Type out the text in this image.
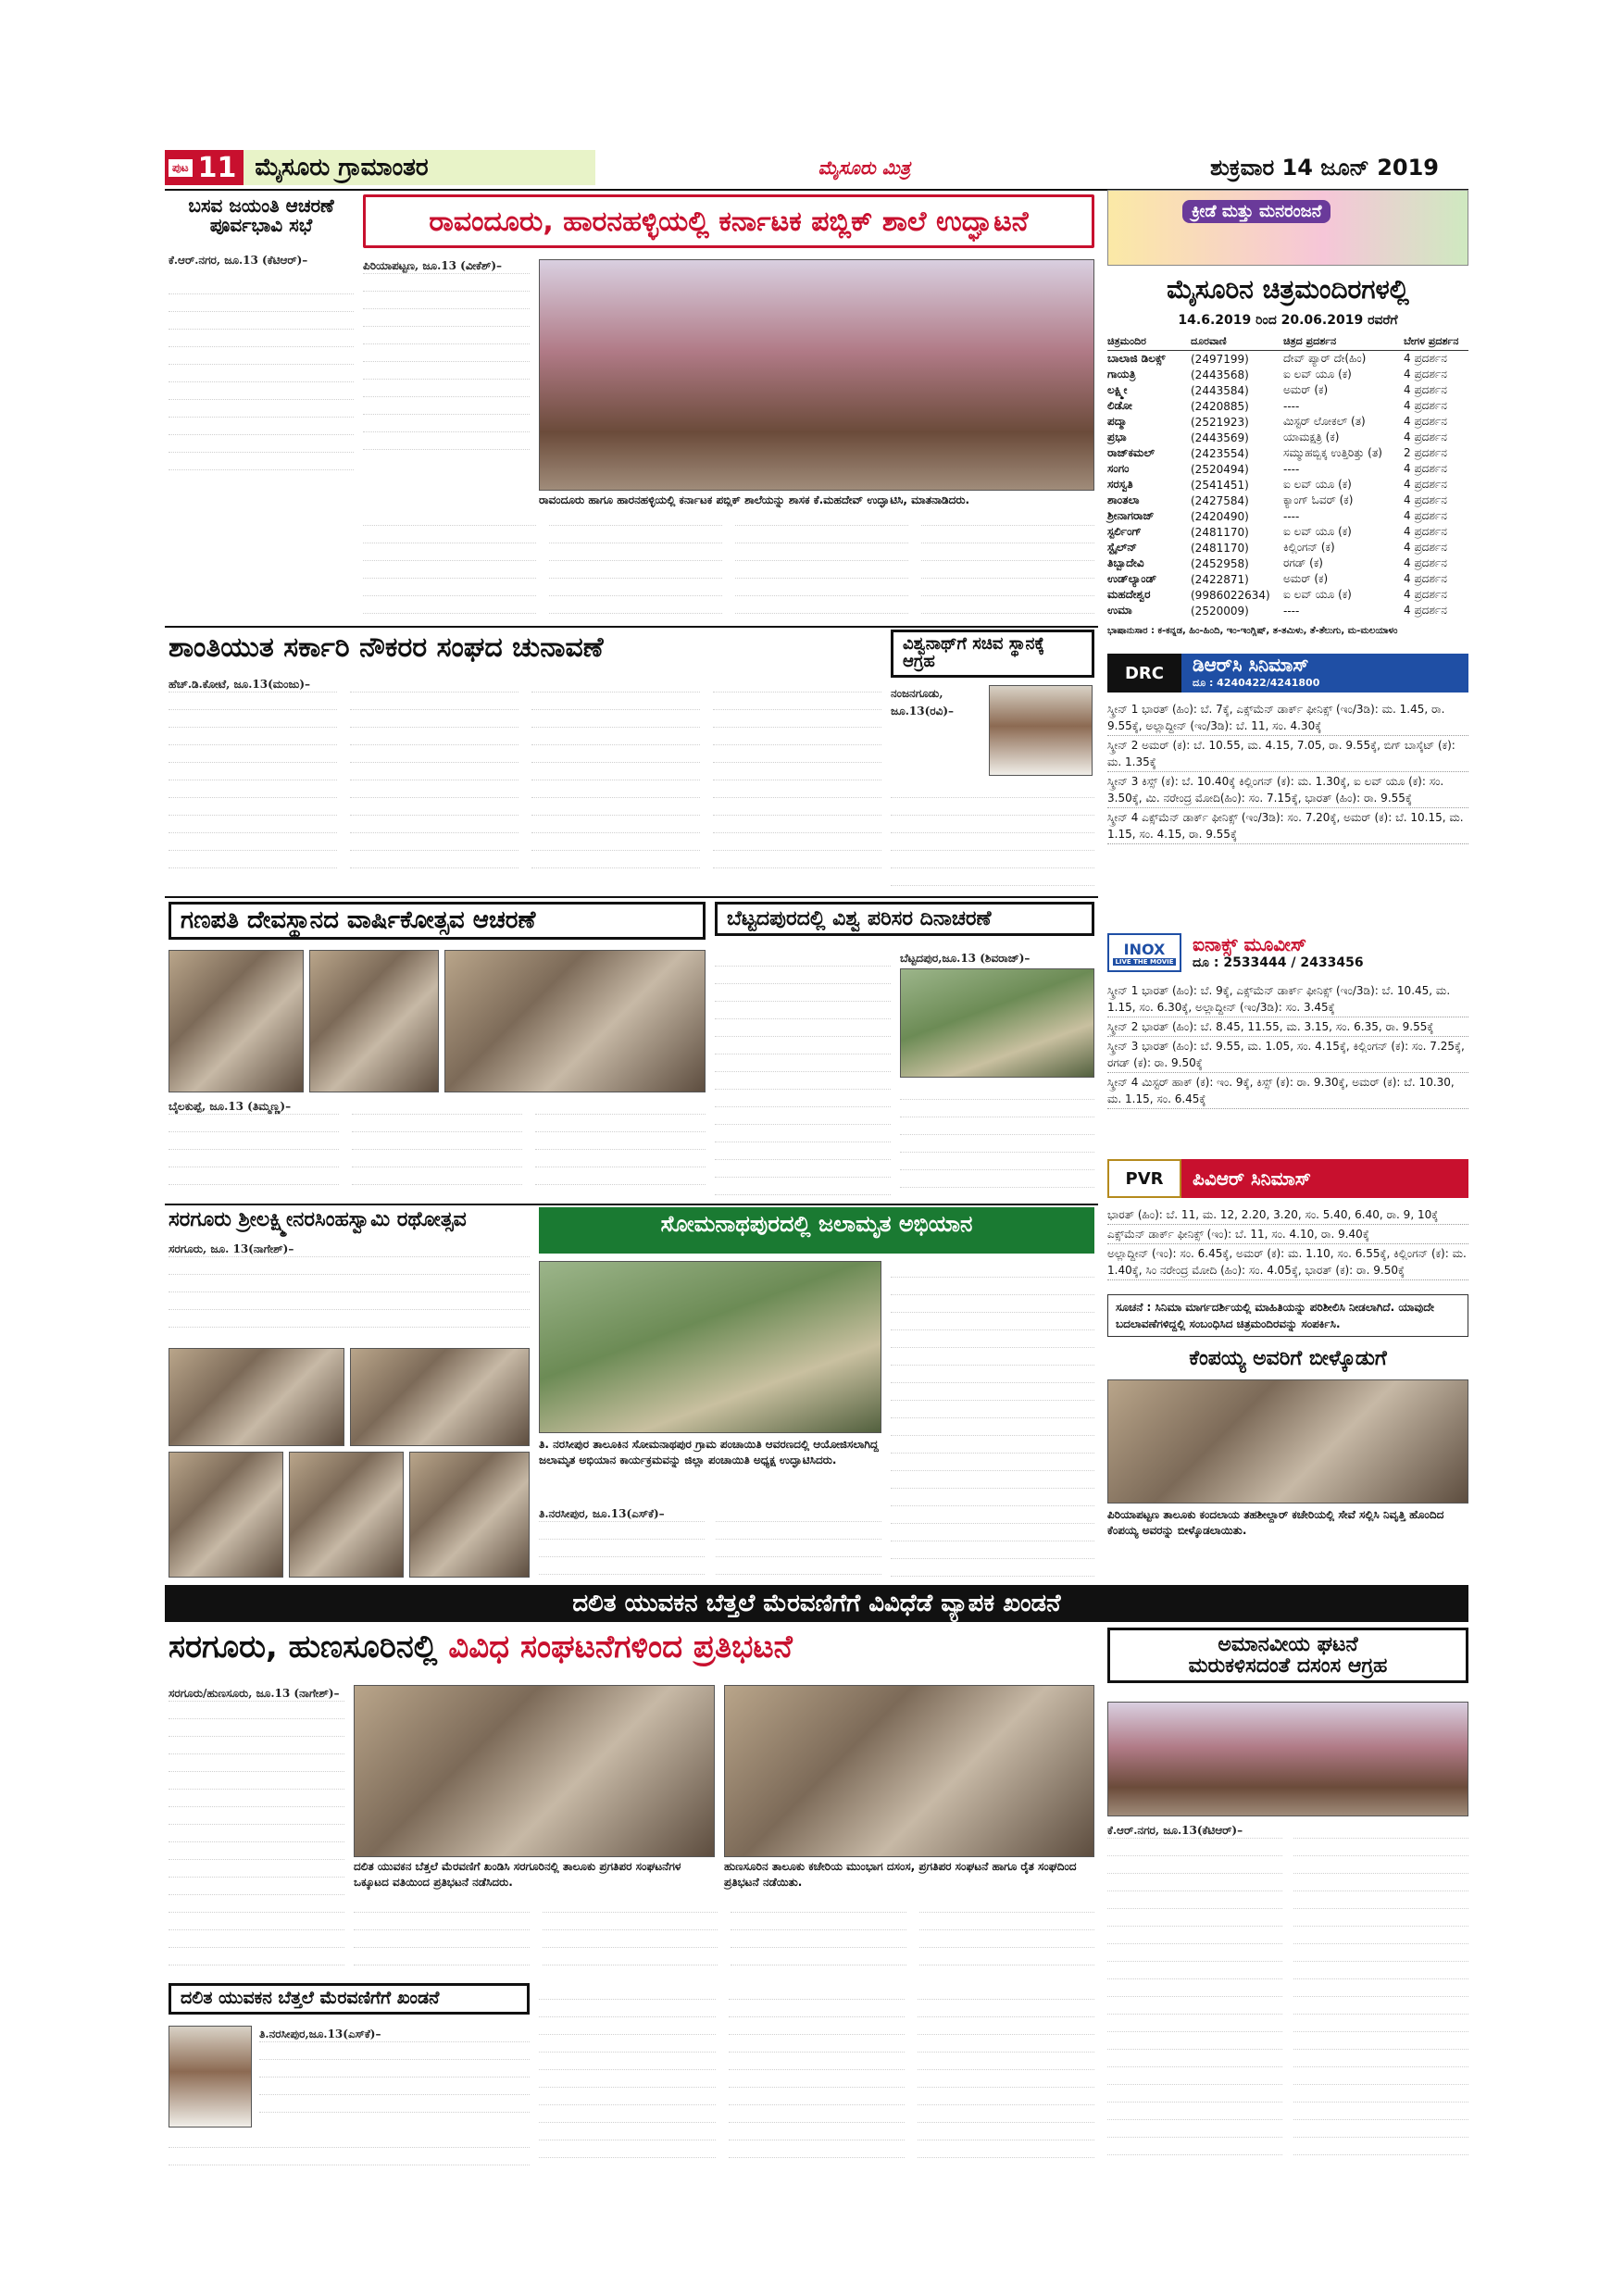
ಪುಟ 11 ಮೈಸೂರು ಗ್ರಾಮಾಂತರ	ಮೈಸೂರು ಮಿತ್ರ	ಶುಕ್ರವಾರ 14 ಜೂನ್ 2019
ಬಸವ ಜಯಂತಿ ಆಚರಣೆ ಪೂರ್ವಭಾವಿ ಸಭೆ
ಕೆ.ಆರ್.ನಗರ, ಜೂ.13 (ಕೆಟಿಆರ್)–
ರಾವಂದೂರು, ಹಾರನಹಳ್ಳಿಯಲ್ಲಿ ಕರ್ನಾಟಕ ಪಬ್ಲಿಕ್ ಶಾಲೆ ಉದ್ಘಾಟನೆ
ಪಿರಿಯಾಪಟ್ಟಣ, ಜೂ.13 (ವೀಕೆಶ್)–
ರಾವಂದೂರು ಹಾಗೂ ಹಾರನಹಳ್ಳಿಯಲ್ಲಿ ಕರ್ನಾಟಕ ಪಬ್ಲಿಕ್ ಶಾಲೆಯನ್ನು ಶಾಸಕ ಕೆ.ಮಹದೇವ್ ಉದ್ಘಾಟಿಸಿ, ಮಾತನಾಡಿದರು.
ಶಾಂತಿಯುತ ಸರ್ಕಾರಿ ನೌಕರರ ಸಂಘದ ಚುನಾವಣೆ
ಹೆಚ್.ಡಿ.ಕೋಟೆ, ಜೂ.13(ಮಂಜು)–
ವಿಶ್ವನಾಥ್‌ಗೆ ಸಚಿವ ಸ್ಥಾನಕ್ಕೆ ಆಗ್ರಹ
ನಂಜನಗೂಡು, ಜೂ.13(ರವಿ)–
ಗಣಪತಿ ದೇವಸ್ಥಾನದ ವಾರ್ಷಿಕೋತ್ಸವ ಆಚರಣೆ
ಬೈಲಕುಪ್ಪೆ, ಜೂ.13 (ತಿಮ್ಮಣ್ಣ)–
ಬೆಟ್ಟದಪುರದಲ್ಲಿ ವಿಶ್ವ ಪರಿಸರ ದಿನಾಚರಣೆ
ಬೆಟ್ಟದಪುರ,ಜೂ.13 (ಶಿವರಾಜ್)–
ಸರಗೂರು ಶ್ರೀಲಕ್ಷ್ಮೀನರಸಿಂಹಸ್ವಾಮಿ ರಥೋತ್ಸವ
ಸರಗೂರು, ಜೂ. 13(ನಾಗೇಶ್)–
ಸೋಮನಾಥಪುರದಲ್ಲಿ ಜಲಾಮೃತ ಅಭಿಯಾನ
ತಿ. ನರಸೀಪುರ ತಾಲೂಕಿನ ಸೋಮನಾಥಪುರ ಗ್ರಾಮ ಪಂಚಾಯಿತಿ ಆವರಣದಲ್ಲಿ ಆಯೋಜಿಸಲಾಗಿದ್ದ ಜಲಾಮೃತ ಅಭಿಯಾನ ಕಾರ್ಯಕ್ರಮವನ್ನು ಜಿಲ್ಲಾ ಪಂಚಾಯಿತಿ ಅಧ್ಯಕ್ಷ ಉದ್ಘಾಟಿಸಿದರು.
ತಿ.ನರಸೀಪುರ, ಜೂ.13(ಎಸ್‌ಕೆ)–
ಕ್ರೀಡೆ ಮತ್ತು ಮನರಂಜನೆ
ಮೈಸೂರಿನ ಚಿತ್ರಮಂದಿರಗಳಲ್ಲಿ
14.6.2019 ರಿಂದ 20.06.2019 ರವರೆಗೆ
ಚಿತ್ರಮಂದಿರ	ದೂರವಾಣಿ	ಚಿತ್ರದ ಪ್ರದರ್ಶನ	ಬೇಗಳ ಪ್ರದರ್ಶನ
ಬಾಲಾಜಿ ಡಿಲಕ್ಸ್	(2497199)	ದೇವ್ ಪ್ಯಾರ್ ದೇ(ಹಿಂ)	4 ಪ್ರದರ್ಶನ
ಗಾಯತ್ರಿ	(2443568)	ಐ ಲವ್ ಯೂ (ಕ)	4 ಪ್ರದರ್ಶನ
ಲಕ್ಷ್ಮೀ	(2443584)	ಅಮರ್ (ಕ)	4 ಪ್ರದರ್ಶನ
ಲಿಡೋ	(2420885)	----	4 ಪ್ರದರ್ಶನ
ಪದ್ಮಾ	(2521923)	ಮಿಸ್ಟರ್ ಲೋಕಲ್ (ತ)	4 ಪ್ರದರ್ಶನ
ಪ್ರಭಾ	(2443569)	ಯಾಮಕ್ಷತ್ರಿ (ಕ)	4 ಪ್ರದರ್ಶನ
ರಾಜ್‌ಕಮಲ್	(2423554)	ಸಮ್ಮುಹಬ್ಬಿಕ್ಕ ಉತ್ತಿರಿತ್ತು (ತ)	2 ಪ್ರದರ್ಶನ
ಸಂಗಂ	(2520494)	----	4 ಪ್ರದರ್ಶನ
ಸರಸ್ವತಿ	(2541451)	ಐ ಲವ್ ಯೂ (ಕ)	4 ಪ್ರದರ್ಶನ
ಶಾಂತಲಾ	(2427584)	ಕ್ಯಾಂಗ್ ಓವರ್ (ಕ)	4 ಪ್ರದರ್ಶನ
ಶ್ರೀನಾಗರಾಜ್	(2420490)	----	4 ಪ್ರದರ್ಶನ
ಸ್ಟರ್ಲಿಂಗ್	(2481170)	ಐ ಲವ್ ಯೂ (ಕ)	4 ಪ್ರದರ್ಶನ
ಸ್ಟೈಲ್‌ನ್	(2481170)	ಕಿಲ್ಲಿಂಗನ್ (ಕ)	4 ಪ್ರದರ್ಶನ
ತಿಬ್ಬಾದೇವಿ	(2452958)	ರಗಡ್ (ಕ)	4 ಪ್ರದರ್ಶನ
ಉಡ್‌ಲ್ಯಾಂಡ್	(2422871)	ಅಮರ್ (ಕ)	4 ಪ್ರದರ್ಶನ
ಮಹದೇಶ್ವರ	(9986022634)	ಐ ಲವ್ ಯೂ (ಕ)	4 ಪ್ರದರ್ಶನ
ಉಮಾ	(2520009)	----	4 ಪ್ರದರ್ಶನ
ಭಾಷಾನುಸಾರ : ಕ-ಕನ್ನಡ, ಹಿಂ-ಹಿಂದಿ, ಇಂ-ಇಂಗ್ಲಿಷ್, ತ-ತಮಿಳು, ತೆ-ತೆಲುಗು, ಮ-ಮಲಯಾಳಂ
DRC	ಡಿಆರ್‌ಸಿ ಸಿನಿಮಾಸ್
ದೂ : 4240422/4241800
ಸ್ಕ್ರೀನ್ 1 ಭಾರತ್ (ಹಿಂ): ಬೆ. 7ಕ್ಕೆ, ಎಕ್ಸ್‌ಮೆನ್ ಡಾರ್ಕ್ ಫೀನಿಕ್ಸ್ (ಇಂ/3ಡಿ): ಮ. 1.45, ರಾ. 9.55ಕ್ಕೆ, ಅಲ್ಲಾದ್ದೀನ್ (ಇಂ/3ಡಿ): ಬೆ. 11, ಸಂ. 4.30ಕ್ಕೆ
ಸ್ಕ್ರೀನ್ 2 ಅಮರ್ (ಕ): ಬೆ. 10.55, ಮ. 4.15, 7.05, ರಾ. 9.55ಕ್ಕೆ, ಬಿಗ್ ಬಾಸ್ಕೆಟ್ (ಕ): ಮ. 1.35ಕ್ಕೆ
ಸ್ಕ್ರೀನ್ 3 ಕಿಸ್ಸ್ (ಕ): ಬೆ. 10.40ಕ್ಕೆ ಕಿಲ್ಲಿಂಗನ್ (ಕ): ಮ. 1.30ಕ್ಕೆ, ಐ ಲವ್ ಯೂ (ಕ): ಸಂ. 3.50ಕ್ಕೆ, ಮಿ. ನರೇಂದ್ರ ಮೋದಿ(ಹಿಂ): ಸಂ. 7.15ಕ್ಕೆ, ಭಾರತ್ (ಹಿಂ): ರಾ. 9.55ಕ್ಕೆ
ಸ್ಕ್ರೀನ್ 4 ಎಕ್ಸ್‌ಮೆನ್ ಡಾರ್ಕ್ ಫೀನಿಕ್ಸ್ (ಇಂ/3ಡಿ): ಸಂ. 7.20ಕ್ಕೆ, ಅಮರ್ (ಕ): ಬೆ. 10.15, ಮ. 1.15, ಸಂ. 4.15, ರಾ. 9.55ಕ್ಕೆ
INOX
LIVE THE MOVIE
ಐನಾಕ್ಸ್ ಮೂವೀಸ್
ದೂ : 2533444 / 2433456
ಸ್ಕ್ರೀನ್ 1 ಭಾರತ್ (ಹಿಂ): ಬೆ. 9ಕ್ಕೆ, ಎಕ್ಸ್‌ಮೆನ್ ಡಾರ್ಕ್ ಫೀನಿಕ್ಸ್ (ಇಂ/3ಡಿ): ಬೆ. 10.45, ಮ. 1.15, ಸಂ. 6.30ಕ್ಕೆ, ಅಲ್ಲಾದ್ದೀನ್ (ಇಂ/3ಡಿ): ಸಂ. 3.45ಕ್ಕೆ
ಸ್ಕ್ರೀನ್ 2 ಭಾರತ್ (ಹಿಂ): ಬೆ. 8.45, 11.55, ಮ. 3.15, ಸಂ. 6.35, ರಾ. 9.55ಕ್ಕೆ
ಸ್ಕ್ರೀನ್ 3 ಭಾರತ್ (ಹಿಂ): ಬೆ. 9.55, ಮ. 1.05, ಸಂ. 4.15ಕ್ಕೆ, ಕಿಲ್ಲಿಂಗನ್ (ಕ): ಸಂ. 7.25ಕ್ಕೆ, ರಗಡ್ (ಕ): ರಾ. 9.50ಕ್ಕೆ
ಸ್ಕ್ರೀನ್ 4 ಮಿಸ್ಟರ್ ಹಾಕ್ (ಕ): ಇಂ. 9ಕ್ಕೆ, ಕಿಸ್ಸ್ (ಕ): ರಾ. 9.30ಕ್ಕೆ, ಅಮರ್ (ಕ): ಬೆ. 10.30, ಮ. 1.15, ಸಂ. 6.45ಕ್ಕೆ
PVR	ಪಿವಿಆರ್ ಸಿನಿಮಾಸ್
ಭಾರತ್ (ಹಿಂ): ಬೆ. 11, ಮ. 12, 2.20, 3.20, ಸಂ. 5.40, 6.40, ರಾ. 9, 10ಕ್ಕೆ
ಎಕ್ಸ್‌ಮೆನ್ ಡಾರ್ಕ್ ಫೀನಿಕ್ಸ್ (ಇಂ): ಬೆ. 11, ಸಂ. 4.10, ರಾ. 9.40ಕ್ಕೆ
ಅಲ್ಲಾದ್ದೀನ್ (ಇಂ): ಸಂ. 6.45ಕ್ಕೆ, ಅಮರ್ (ಕ): ಮ. 1.10, ಸಂ. 6.55ಕ್ಕೆ, ಕಿಲ್ಲಿಂಗನ್ (ಕ): ಮ. 1.40ಕ್ಕೆ, ಸಿಂ ನರೇಂದ್ರ ಮೋದಿ (ಹಿಂ): ಸಂ. 4.05ಕ್ಕೆ, ಭಾರತ್ (ಕ): ರಾ. 9.50ಕ್ಕೆ
ಸೂಚನೆ : ಸಿನಿಮಾ ಮಾರ್ಗದರ್ಶಿಯಲ್ಲಿ ಮಾಹಿತಿಯನ್ನು ಪರಿಶೀಲಿಸಿ ನೀಡಲಾಗಿದೆ. ಯಾವುದೇ ಬದಲಾವಣೆಗಳಿದ್ದಲ್ಲಿ ಸಂಬಂಧಿಸಿದ ಚಿತ್ರಮಂದಿರವನ್ನು ಸಂಪರ್ಕಿಸಿ.
ಕೆಂಪಯ್ಯ ಅವರಿಗೆ ಬೀಳ್ಕೊಡುಗೆ
ಪಿರಿಯಾಪಟ್ಟಣ ತಾಲೂಕು ಕಂದಲಾಯ ತಹಶೀಲ್ದಾರ್ ಕಚೇರಿಯಲ್ಲಿ ಸೇವೆ ಸಲ್ಲಿಸಿ ನಿವೃತ್ತಿ ಹೊಂದಿದ ಕೆಂಪಯ್ಯ ಅವರನ್ನು ಬೀಳ್ಕೊಡಲಾಯಿತು.
ದಲಿತ ಯುವಕನ ಬೆತ್ತಲೆ ಮೆರವಣಿಗೆಗೆ ವಿವಿಧೆಡೆ ವ್ಯಾಪಕ ಖಂಡನೆ
ಸರಗೂರು, ಹುಣಸೂರಿನಲ್ಲಿ ವಿವಿಧ ಸಂಘಟನೆಗಳಿಂದ ಪ್ರತಿಭಟನೆ
ಸರಗೂರು/ಹುಣಸೂರು, ಜೂ.13 (ನಾಗೇಶ್)–
ದಲಿತ ಯುವಕನ ಬೆತ್ತಲೆ ಮೆರವಣಿಗೆ ಖಂಡಿಸಿ ಸರಗೂರಿನಲ್ಲಿ ತಾಲೂಕು ಪ್ರಗತಿಪರ ಸಂಘಟನೆಗಳ ಒಕ್ಕೂಟದ ವತಿಯಿಂದ ಪ್ರತಿಭಟನೆ ನಡೆಸಿದರು.
ಹುಣಸೂರಿನ ತಾಲೂಕು ಕಚೇರಿಯ ಮುಂಭಾಗ ದಸಂಸ, ಪ್ರಗತಿಪರ ಸಂಘಟನೆ ಹಾಗೂ ರೈತ ಸಂಘದಿಂದ ಪ್ರತಿಭಟನೆ ನಡೆಯಿತು.
ದಲಿತ ಯುವಕನ ಬೆತ್ತಲೆ ಮೆರವಣಿಗೆಗೆ ಖಂಡನೆ
ತಿ.ನರಸೀಪುರ,ಜೂ.13(ಎಸ್‌ಕೆ)–
ಅಮಾನವೀಯ ಘಟನೆ
ಮರುಕಳಿಸದಂತೆ ದಸಂಸ ಆಗ್ರಹ
ಕೆ.ಆರ್.ನಗರ, ಜೂ.13(ಕೆಟಿಆರ್)–
